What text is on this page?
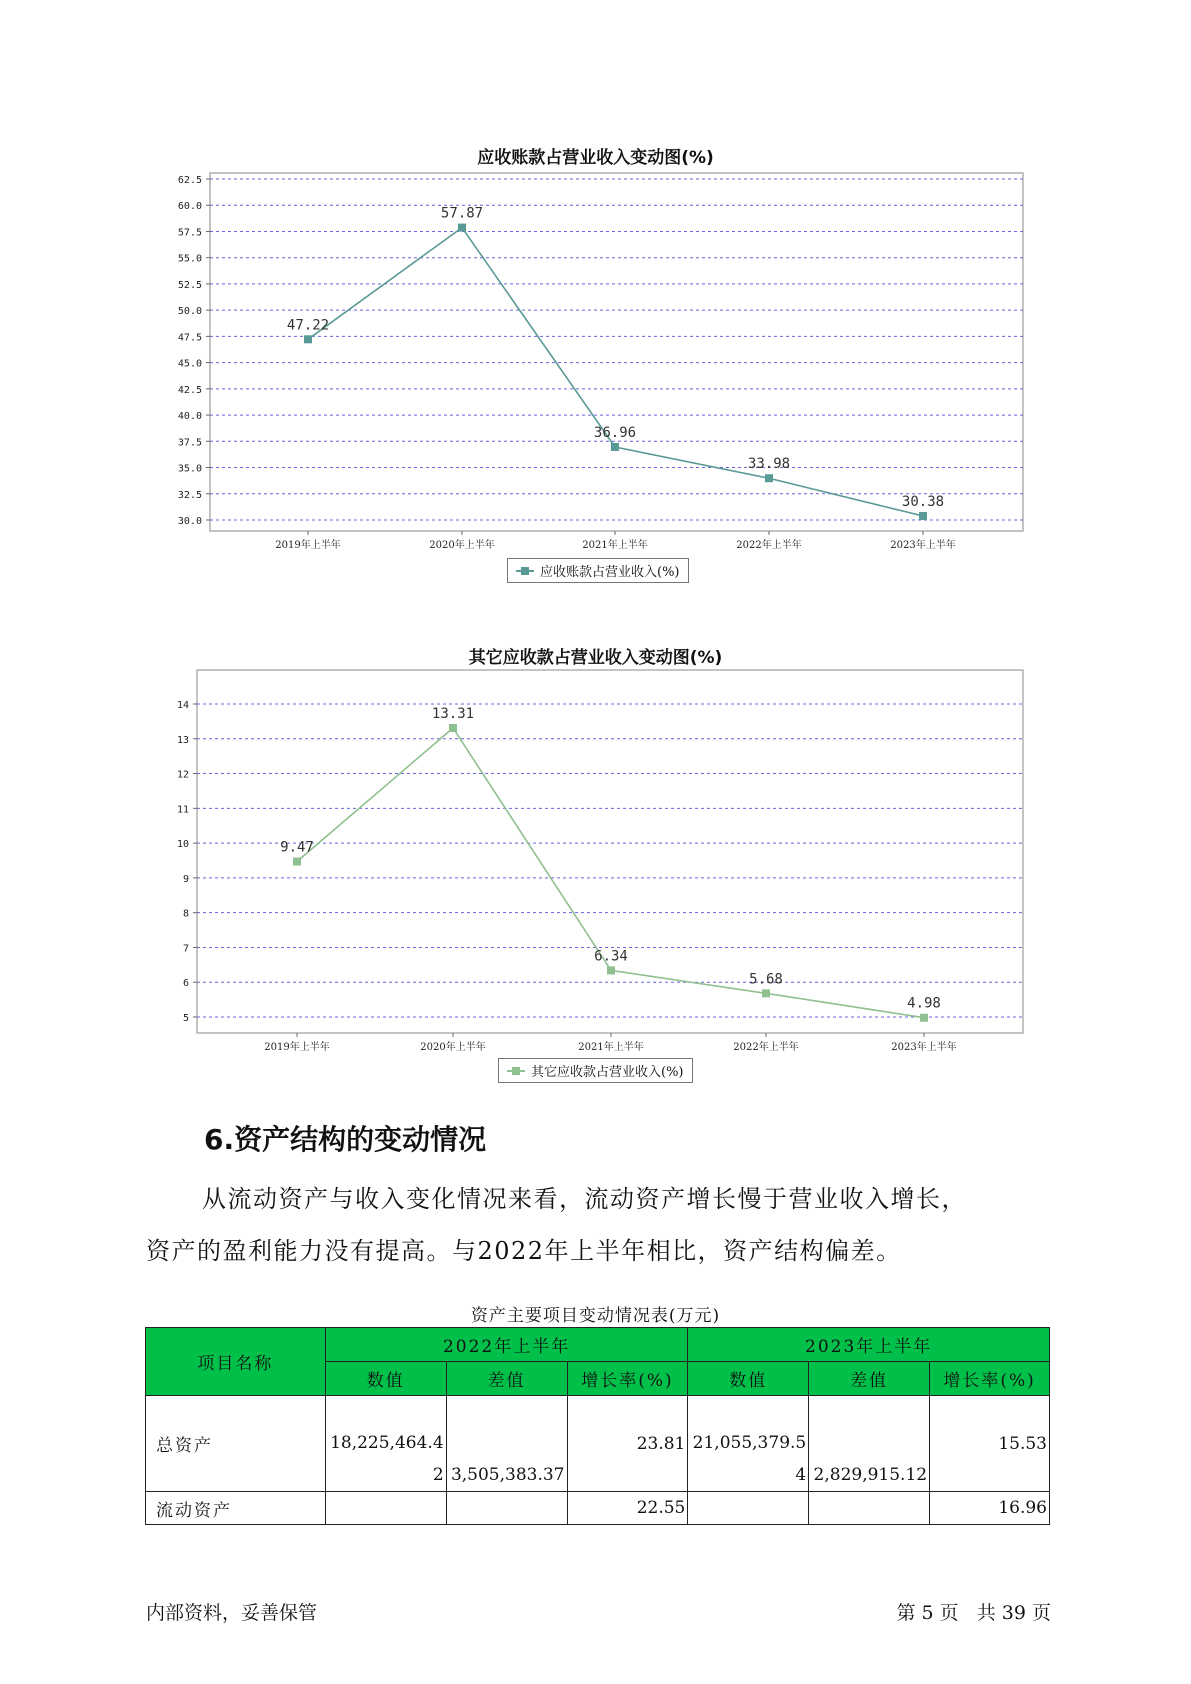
应收账款占营业收入变动图(%)
30.0
32.5
35.0
37.5
40.0
42.5
45.0
47.5
50.0
52.5
55.0
57.5
60.0
62.5
2019年上半年	2020年上半年	2021年上半年	2022年上半年	2023年上半年
47.22
57.87
36.96
33.98
30.38
应收账款占营业收入(%)
其它应收款占营业收入变动图(%)
5
6
7
8
9
10
11
12
13
14
2019年上半年	2020年上半年	2021年上半年	2022年上半年	2023年上半年
9.47
13.31
6.34
5.68
4.98
其它应收款占营业收入(%)
6.资产结构的变动情况
从流动资产与收入变化情况来看，流动资产增长慢于营业收入增长，
资产的盈利能力没有提高。与2022年上半年相比，资产结构偏差。
资产主要项目变动情况表(万元)
项目名称	2022年上半年			2023年上半年		
	数值	差值	增长率(%)	数值	差值	增长率(%)
总资产	18,225,464.42	3,505,383.37	23.81	21,055,379.54	2,829,915.12	15.53
流动资产			22.55			16.96
内部资料，妥善保管	第 5 页   共 39 页
